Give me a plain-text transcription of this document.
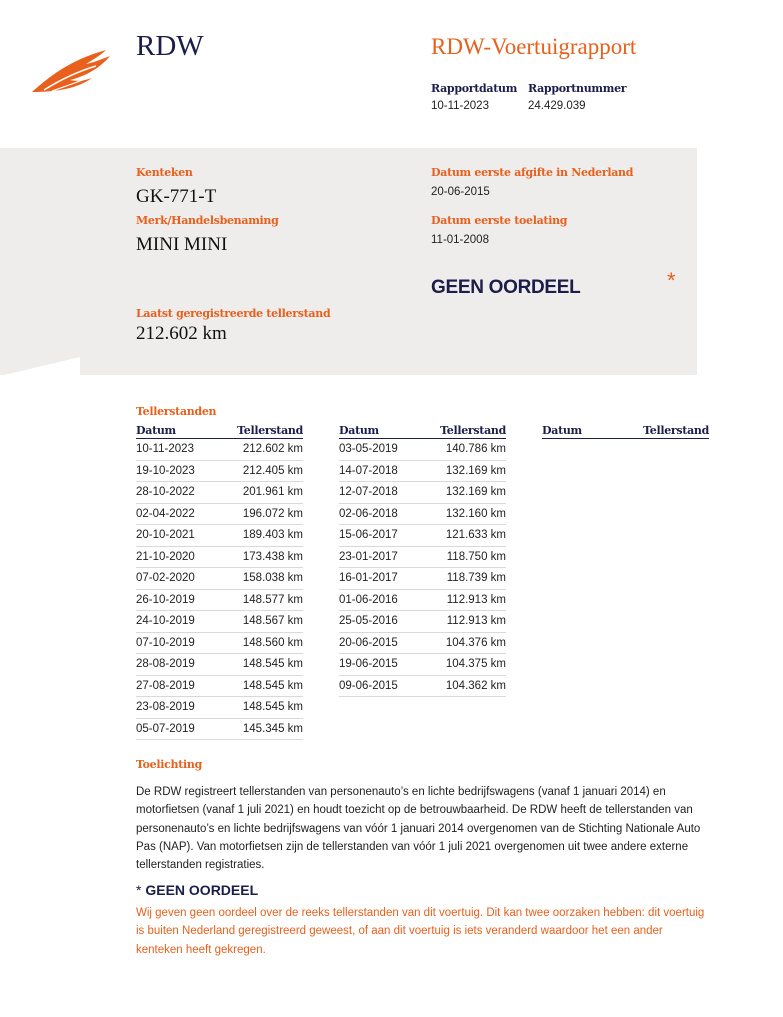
RDW	RDW-Voertuigrapport
Rapportdatum Rapportnummer
10-11-2023	24.429.039
Kenteken
GK-771-T
Merk/Handelsbenaming
MINI MINI
Datum eerste afgifte in Nederland
20-06-2015
Datum eerste toelating
11-01-2008
GEEN OORDEEL	*
Laatst geregistreerde tellerstand
212.602 km
Tellerstanden
Datum	Tellerstand
10-11-2023	212.602 km
19-10-2023	212.405 km
28-10-2022	201.961 km
02-04-2022	196.072 km
20-10-2021	189.403 km
21-10-2020	173.438 km
07-02-2020	158.038 km
26-10-2019	148.577 km
24-10-2019	148.567 km
07-10-2019	148.560 km
28-08-2019	148.545 km
27-08-2019	148.545 km
23-08-2019	148.545 km
05-07-2019	145.345 km
Datum	Tellerstand
03-05-2019	140.786 km
14-07-2018	132.169 km
12-07-2018	132.169 km
02-06-2018	132.160 km
15-06-2017	121.633 km
23-01-2017	118.750 km
16-01-2017	118.739 km
01-06-2016	112.913 km
25-05-2016	112.913 km
20-06-2015	104.376 km
19-06-2015	104.375 km
09-06-2015	104.362 km
Datum	Tellerstand
Toelichting
De RDW registreert tellerstanden van personenauto’s en lichte bedrijfswagens (vanaf 1 januari 2014) en motorfietsen (vanaf 1 juli 2021) en houdt toezicht op de betrouwbaarheid. De RDW heeft de tellerstanden van personenauto’s en lichte bedrijfswagens van vóór 1 januari 2014 overgenomen van de Stichting Nationale Auto Pas (NAP). Van motorfietsen zijn de tellerstanden van vóór 1 juli 2021 overgenomen uit twee andere externe tellerstanden registraties.
* GEEN OORDEEL
Wij geven geen oordeel over de reeks tellerstanden van dit voertuig. Dit kan twee oorzaken hebben: dit voertuig is buiten Nederland geregistreerd geweest, of aan dit voertuig is iets veranderd waardoor het een ander kenteken heeft gekregen.
